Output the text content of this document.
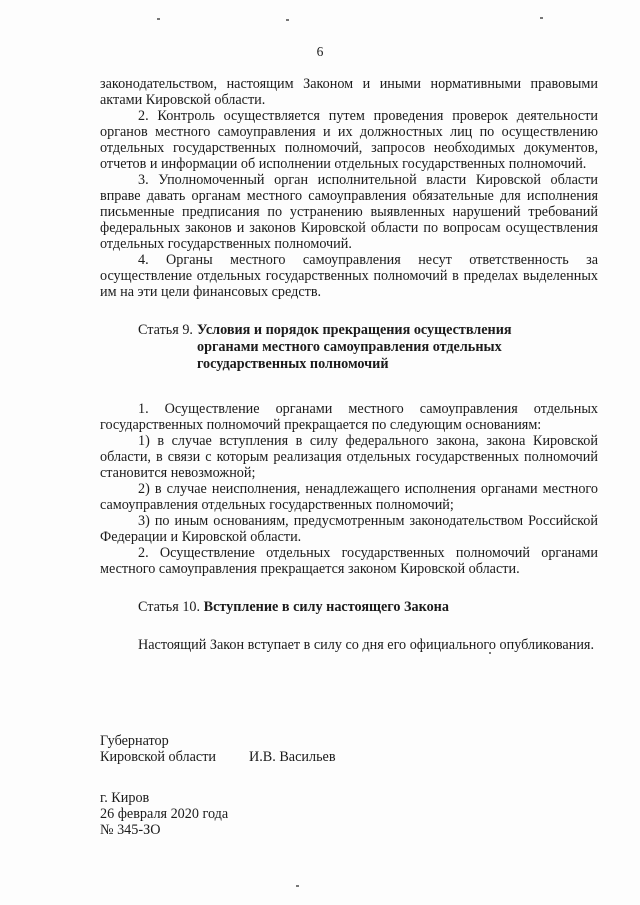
6

законодательством, настоящим Законом и иными нормативными правовыми актами Кировской области.

2. Контроль осуществляется путем проведения проверок деятельности органов местного самоуправления и их должностных лиц по осуществлению отдельных государственных полномочий, запросов необходимых документов, отчетов и информации об исполнении отдельных государственных полномочий.

3. Уполномоченный орган исполнительной власти Кировской области вправе давать органам местного самоуправления обязательные для исполнения письменные предписания по устранению выявленных нарушений требований федеральных законов и законов Кировской области по вопросам осуществления отдельных государственных полномочий.

4. Органы местного самоуправления несут ответственность за осуществление отдельных государственных полномочий в пределах выделенных им на эти цели финансовых средств.

Статья 9. Условия и порядок прекращения осуществления органами местного самоуправления отдельных государственных полномочий

1. Осуществление органами местного самоуправления отдельных государственных полномочий прекращается по следующим основаниям:

1) в случае вступления в силу федерального закона, закона Кировской области, в связи с которым реализация отдельных государственных полномочий становится невозможной;

2) в случае неисполнения, ненадлежащего исполнения органами местного самоуправления отдельных государственных полномочий;

3) по иным основаниям, предусмотренным законодательством Российской Федерации и Кировской области.

2. Осуществление отдельных государственных полномочий органами местного самоуправления прекращается законом Кировской области.

Статья 10. Вступление в силу настоящего Закона

Настоящий Закон вступает в силу со дня его официального опубликования.

Губернатор
Кировской области	И.В. Васильев
г. Киров
26 февраля 2020 года
№ 345-ЗО
